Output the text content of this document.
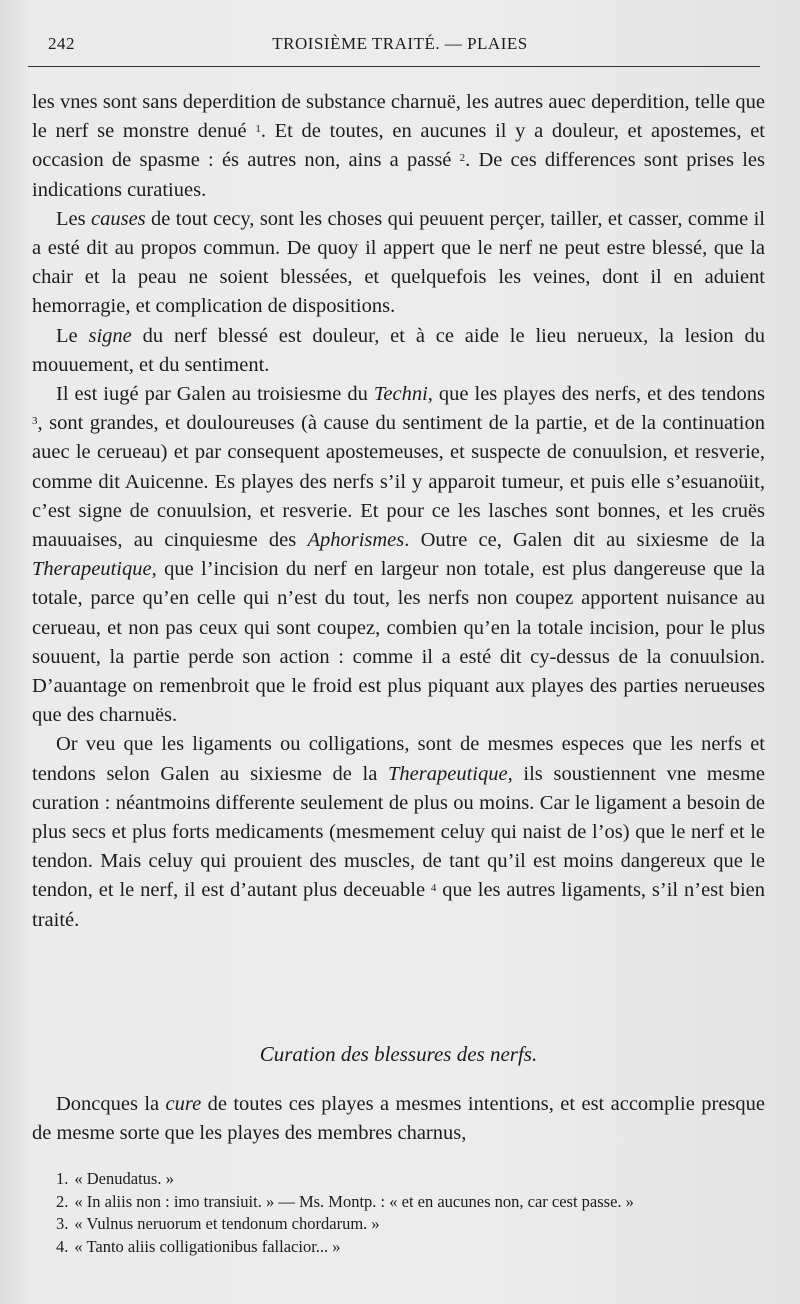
242	TROISIÈME TRAITÉ. — PLAIES

les vnes sont sans deperdition de substance charnuë, les autres auec deperdition, telle que le nerf se monstre denué $^1$. Et de toutes, en aucunes il y a douleur, et apostemes, et occasion de spasme : és autres non, ains a passé $^2$. De ces differences sont prises les indications curatiues.

Les causes de tout cecy, sont les choses qui peuuent perçer, tailler, et casser, comme il a esté dit au propos commun. De quoy il appert que le nerf ne peut estre blessé, que la chair et la peau ne soient blessées, et quelquefois les veines, dont il en aduient hemorragie, et complication de dispositions.

Le signe du nerf blessé est douleur, et à ce aide le lieu nerueux, la lesion du mouuement, et du sentiment.

Il est iugé par Galen au troisiesme du Techni, que les playes des nerfs, et des tendons $^3$, sont grandes, et douloureuses (à cause du sentiment de la partie, et de la continuation auec le cerueau) et par consequent apostemeuses, et suspecte de conuulsion, et resverie, comme dit Auicenne. Es playes des nerfs s’il y apparoit tumeur, et puis elle s’esuanoüit, c’est signe de conuulsion, et resverie. Et pour ce les lasches sont bonnes, et les cruës mauuaises, au cinquiesme des Aphorismes. Outre ce, Galen dit au sixiesme de la Therapeutique, que l’incision du nerf en largeur non totale, est plus dangereuse que la totale, parce qu’en celle qui n’est du tout, les nerfs non coupez apportent nuisance au cerueau, et non pas ceux qui sont coupez, combien qu’en la totale incision, pour le plus souuent, la partie perde son action : comme il a esté dit cy-dessus de la conuulsion. D’auantage on remenbroit que le froid est plus piquant aux playes des parties nerueuses que des charnuës.

Or veu que les ligaments ou colligations, sont de mesmes especes que les nerfs et tendons selon Galen au sixiesme de la Therapeutique, ils soustiennent vne mesme curation : néantmoins differente seulement de plus ou moins. Car le ligament a besoin de plus secs et plus forts medicaments (mesmement celuy qui naist de l’os) que le nerf et le tendon. Mais celuy qui prouient des muscles, de tant qu’il est moins dangereux que le tendon, et le nerf, il est d’autant plus deceuable $^4$ que les autres ligaments, s’il n’est bien traité.

Curation des blessures des nerfs.

Doncques la cure de toutes ces playes a mesmes intentions, et est accomplie presque de mesme sorte que les playes des membres charnus,

1. « Denudatus. »

2. « In aliis non : imo transiuit. » — Ms. Montp. : « et en aucunes non, car cest passe. »

3. « Vulnus neruorum et tendonum chordarum. »

4. « Tanto aliis colligationibus fallacior... »
